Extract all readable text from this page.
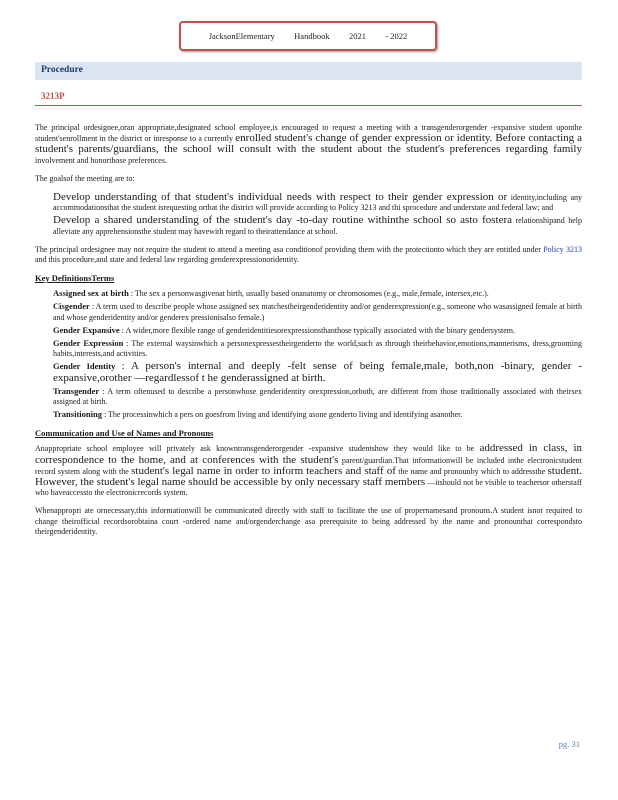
JacksonElementary Handbook 2021 - 2022
Procedure
3213P

The principal ordesignee,oran appropriate,designated school employee,is encouraged to request a meeting with a transgenderorgender -expansive student uponthe student'senrollment in the district or inresponse to a currently enrolled student's change of gender expression or identity. Before contacting a student's parents/guardians, the school will consult with the student about the student's preferences regarding family involvement and honorthose preferences.

The goalsof the meeting are to:

Develop understanding of that student's individual needs with respect to their gender expression or identity,including any accommodationsthat the student isrequesting orthat the district will provide according to Policy 3213 and thi sprocedure and understate and federal law; and
Develop a shared understanding of the student's day -to-day routine withinthe school so asto fostera relationshipand help alleviate any apprehensionsthe student may havewith regard to theirattendance at school.

The principal ordesignee may not require the student to attend a meeting asa conditionof providing them with the protectionto which they are entitled under Policy 3213 and this procedure,and state and federal law regarding genderexpressionoridentity.

Key DefinitionsTerms
Assigned sex at birth : The sex a personwasgivenat birth, usually based onanatomy or chromosomes (e.g., male,female, intersex,etc.).
Cisgender : A term used to describe people whose assigned sex matchestheirgenderidentity and/or genderexpression(e.g., someone who wasassigned female at birth and whose genderidentity and/or genderex pressionisalso female.)
Gender Expansive : A wider,more flexible range of genderidentitiesorexpressionsthanthose typically associated with the binary gendersystem.
Gender Expression : The external waysinwhich a personexpressestheirgenderto the world,such as through theirbehavior,emotions,mannerisms, dress,grooming habits,interests,and activities.
Gender Identity : A person's internal and deeply -felt sense of being female,male, both,non -binary, gender -expansive,orother —regardlessof t he genderassigned at birth.
Transgender : A term oftenused to describe a personwhose genderidentity orexpression,orboth, are different from those traditionally associated with theirsex assigned at birth.
Transitioning : The processinwhich a pers on goesfrom living and identifying asone genderto living and identifying asanother.
Communication and Use of Names and Pronouns

Anappropriate school employee will privately ask knowntransgenderorgender -expansive studentshow they would like to be addressed in class, in correspondence to the home, and at conferences with the student's parent/guardian.That informationwill be included inthe electronicstudent record system along with the student's legal name in order to inform teachers and staff of the name and pronounby which to addressthe student. However, the student's legal name should be accessible by only necessary staff members —itshould not be visible to teachersor otherstaff who haveaccessto the electronicrecords system.

Whenappropri ate ornecessary,this informationwill be communicated directly with staff to facilitate the use of propernamesand pronouns.A student isnot required to change theirofficial recordsorobtaina court -ordered name and/orgenderchange asa prerequisite to being addressed by the name and pronounthat correspondsto theirgenderidentity.

pg. 31
